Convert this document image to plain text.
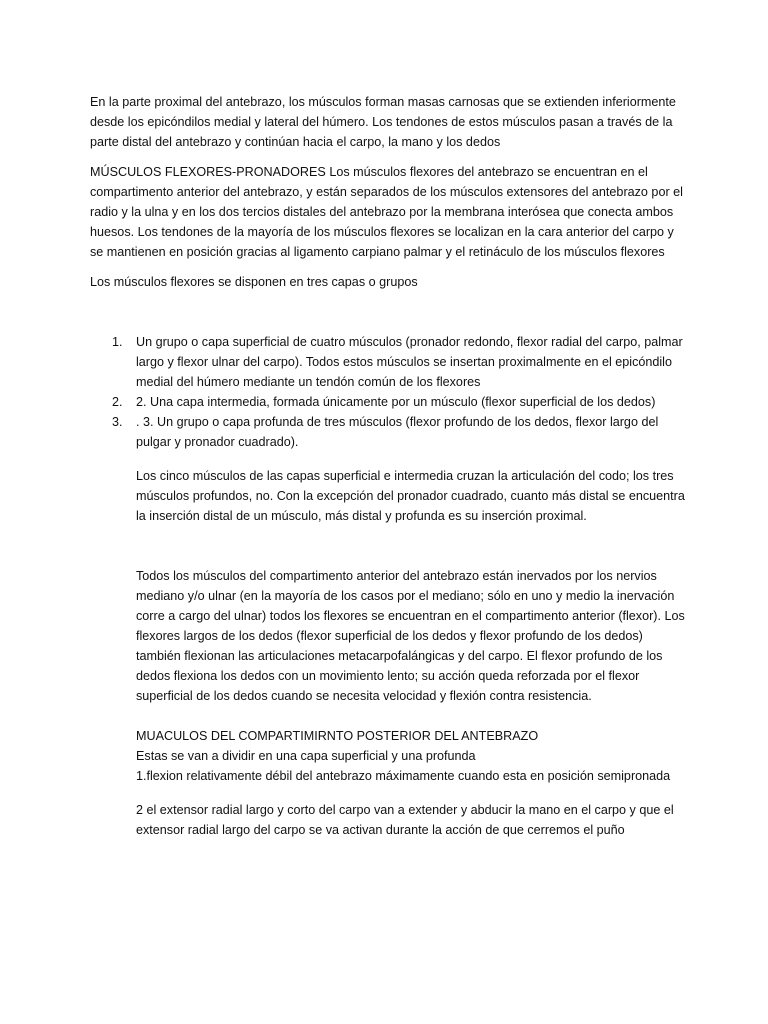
En la parte proximal del antebrazo, los músculos forman masas carnosas que se extienden inferiormente desde los epicóndilos medial y lateral del húmero. Los tendones de estos músculos pasan a través de la parte distal del antebrazo y continúan hacia el carpo, la mano y los dedos

MÚSCULOS FLEXORES-PRONADORES Los músculos flexores del antebrazo se encuentran en el compartimento anterior del antebrazo, y están separados de los músculos extensores del antebrazo por el radio y la ulna y en los dos tercios distales del antebrazo por la membrana interósea que conecta ambos huesos. Los tendones de la mayoría de los músculos flexores se localizan en la cara anterior del carpo y se mantienen en posición gracias al ligamento carpiano palmar y el retináculo de los músculos flexores

Los músculos flexores se disponen en tres capas o grupos

1. Un grupo o capa superficial de cuatro músculos (pronador redondo, flexor radial del carpo, palmar largo y flexor ulnar del carpo). Todos estos músculos se insertan proximalmente en el epicóndilo medial del húmero mediante un tendón común de los flexores
2. 2. Una capa intermedia, formada únicamente por un músculo (flexor superficial de los dedos)
3. . 3. Un grupo o capa profunda de tres músculos (flexor profundo de los dedos, flexor largo del pulgar y pronador cuadrado).

Los cinco músculos de las capas superficial e intermedia cruzan la articulación del codo; los tres músculos profundos, no. Con la excepción del pronador cuadrado, cuanto más distal se encuentra la inserción distal de un músculo, más distal y profunda es su inserción proximal.

Todos los músculos del compartimento anterior del antebrazo están inervados por los nervios mediano y/o ulnar (en la mayoría de los casos por el mediano; sólo en uno y medio la inervación corre a cargo del ulnar) todos los flexores se encuentran en el compartimento anterior (flexor). Los flexores largos de los dedos (flexor superficial de los dedos y flexor profundo de los dedos) también flexionan las articulaciones metacarpofalángicas y del carpo. El flexor profundo de los dedos flexiona los dedos con un movimiento lento; su acción queda reforzada por el flexor superficial de los dedos cuando se necesita velocidad y flexión contra resistencia.

MUACULOS DEL COMPARTIMIRNTO POSTERIOR DEL ANTEBRAZO

Estas se van a dividir en una capa superficial y una profunda

1.flexion relativamente débil del antebrazo máximamente cuando esta en posición semipronada

2 el extensor radial largo y corto del carpo van a extender y abducir la mano en el carpo y que el extensor radial largo del carpo se va activan durante la acción de que cerremos el puño
